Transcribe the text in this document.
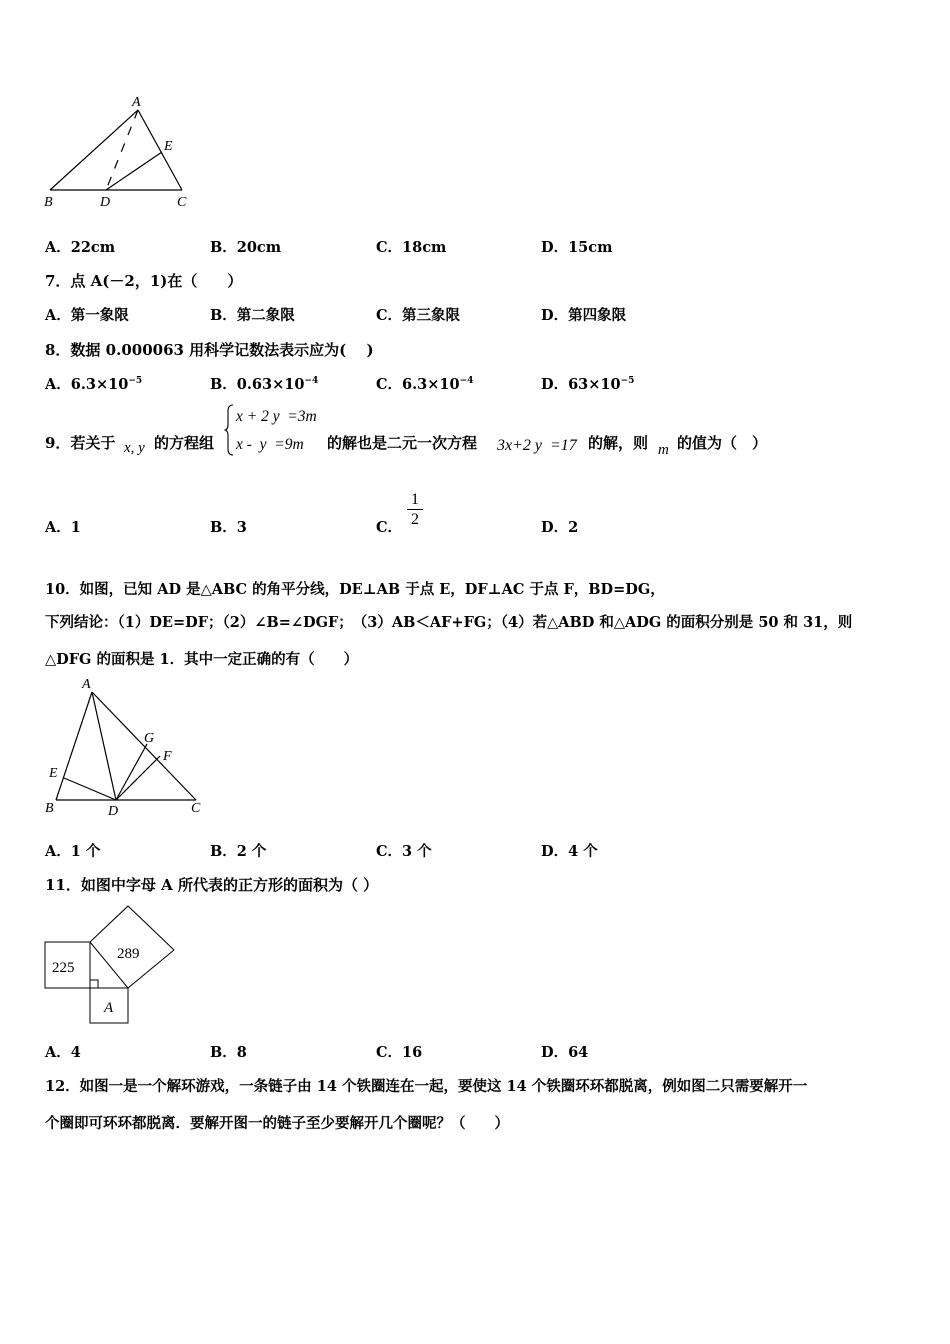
A
E
B	D	C
A．22cm	B．20cm	C．18cm	D．15cm
7．点 A(－2，1)在（　　）
A．第一象限	B．第二象限	C．第三象限	D．第四象限
8．数据 0.000063 用科学记数法表示应为(　 )
A．$6.3\times 10^{-5}$	B．$0.63\times 10^{-4}$	C．$6.3\times 10^{-4}$	D．$63\times 10^{-5}$
9．若关于 x, y 的方程组
x + 2 y  =3m
x -  y  =9m 的解也是二元一次方程 3x+2 y  =17 的解，则 m 的值为（　）
A．1	B．3	C．
1
2	D．2
10．如图，已知 AD 是△ABC 的角平分线，DE⊥AB 于点 E，DF⊥AC 于点 F，BD=DG，
下列结论：（1）DE=DF；（2）∠B=∠DGF；　（3）AB＜AF+FG；（4）若△ABD 和△ADG 的面积分别是 50 和 31，则
△DFG 的面积是 1．其中一定正确的有（　　）
A
G
F
E
B	D	C
A．1 个	B．2 个	C．3 个	D．4 个
11．如图中字母 A 所代表的正方形的面积为（ ）
225
289
A
A．4	B．8	C．16	D．64
12．如图一是一个解环游戏，一条链子由 14 个铁圈连在一起，要使这 14 个铁圈环环都脱离，例如图二只需要解开一
个圈即可环环都脱离．要解开图一的链子至少要解开几个圈呢？（　　）
